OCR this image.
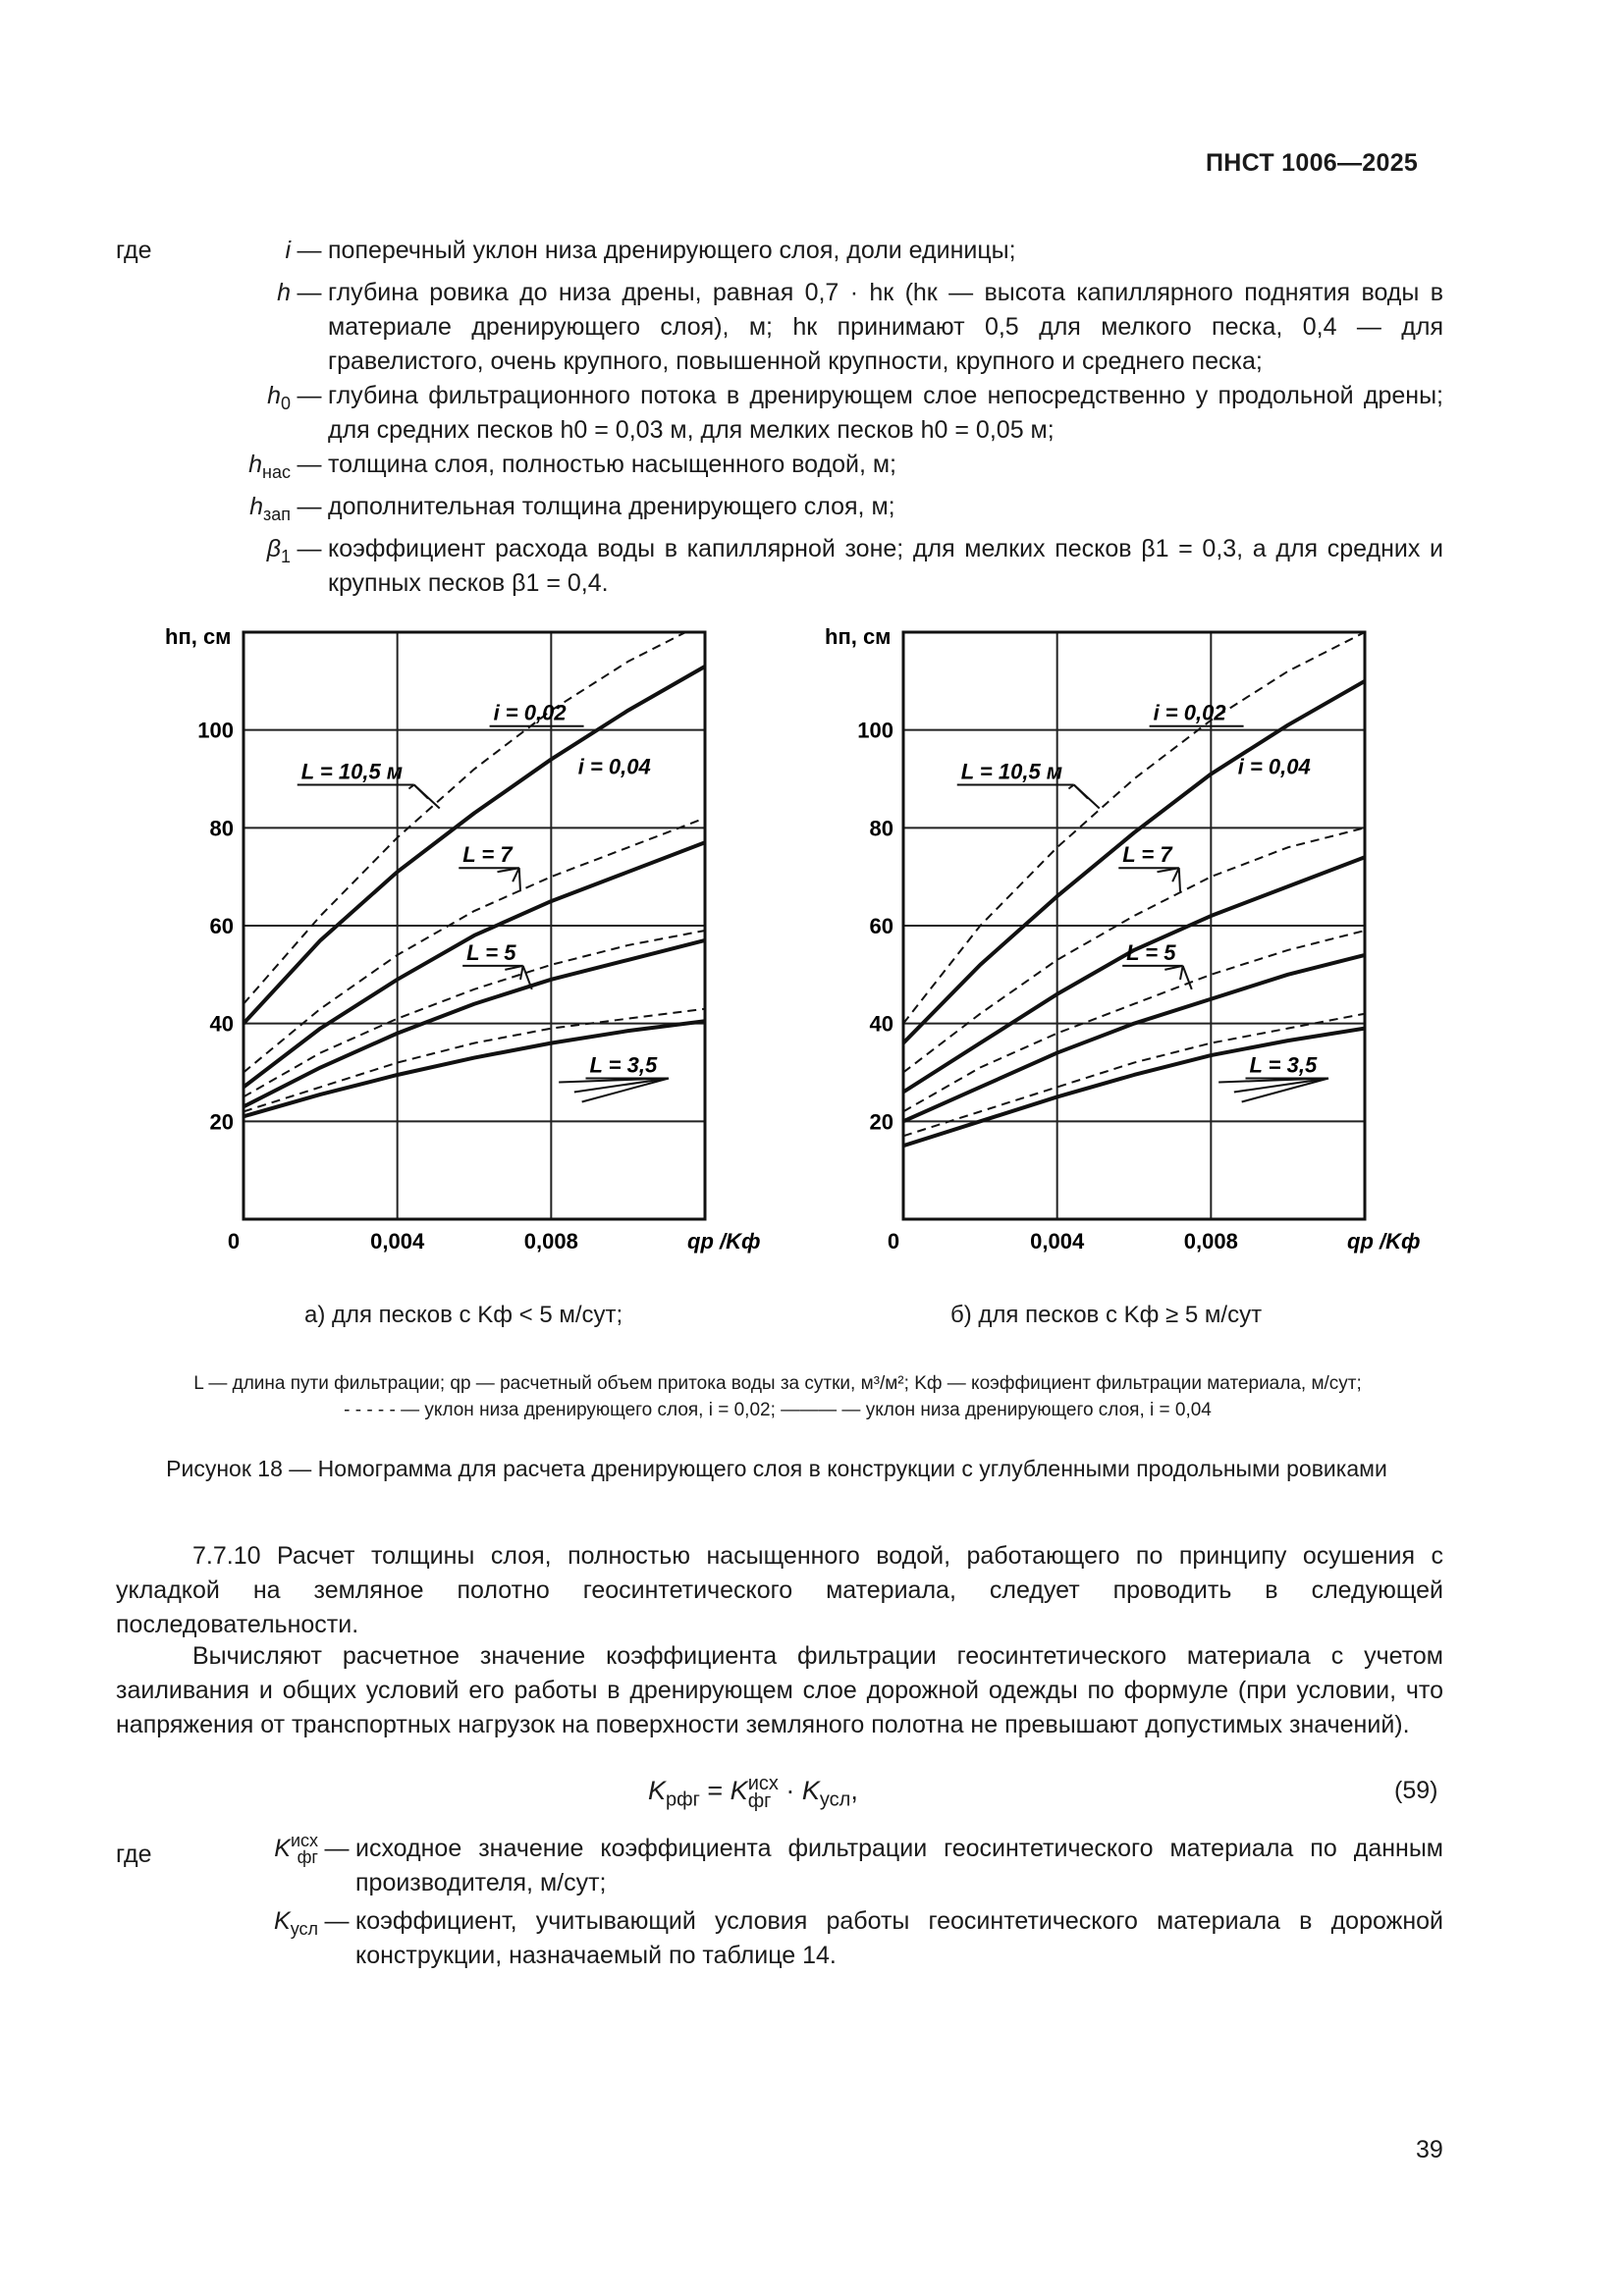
ПНСТ 1006—2025
где	i — поперечный уклон низа дренирующего слоя, доли единицы;
h — глубина ровика до низа дрены, равная 0,7 · hк (hк — высота капиллярного поднятия воды в материале дренирующего слоя), м; hк принимают 0,5 для мелкого песка, 0,4 — для гравелистого, очень крупного, повышенной крупности, крупного и среднего песка;
$h_0$ — глубина фильтрационного потока в дренирующем слое непосредственно у продольной дрены; для средних песков h0 = 0,03 м, для мелких песков h0 = 0,05 м;
$h_{нас}$ — толщина слоя, полностью насыщенного водой, м;
$h_{зап}$ — дополнительная толщина дренирующего слоя, м;
$\beta_1$ — коэффициент расхода воды в капиллярной зоне; для мелких песков β1 = 0,3, а для средних и крупных песков β1 = 0,4.
20
40
60
80
100
0	0,004	0,008
hп, см
qр /Kф
i = 0,02
i = 0,04
L = 10,5 м
L = 7
L = 5
L = 3,5
20
40
60
80
100
0	0,004	0,008
hп, см
qр /Kф
i = 0,02
i = 0,04
L = 10,5 м
L = 7
L = 5
L = 3,5
а) для песков с Kф < 5 м/сут;	б) для песков с Kф ≥ 5 м/сут
L — длина пути фильтрации; qр — расчетный объем притока воды за сутки, м³/м²; Kф — коэффициент фильтрации материала, м/сут;
- - - - - — уклон низа дренирующего слоя, i = 0,02; ——— — уклон низа дренирующего слоя, i = 0,04
Рисунок 18 — Номограмма для расчета дренирующего слоя в конструкции с углубленными продольными ровиками
7.7.10 Расчет толщины слоя, полностью насыщенного водой, работающего по принципу осушения с укладкой на земляное полотно геосинтетического материала, следует проводить в следующей последовательности.
Вычисляют расчетное значение коэффициента фильтрации геосинтетического материала с учетом заиливания и общих условий его работы в дренирующем слое дорожной одежды по формуле (при условии, что напряжения от транспортных нагрузок на поверхности земляного полотна не превышают допустимых значений).
$K_{рфг} = K$ исх
фг · $K_{усл}$,	(59)
где	K исх
фг — исходное значение коэффициента фильтрации геосинтетического материала по данным производителя, м/сут;
$K_{усл}$ — коэффициент, учитывающий условия работы геосинтетического материала в дорожной конструкции, назначаемый по таблице 14.
39
